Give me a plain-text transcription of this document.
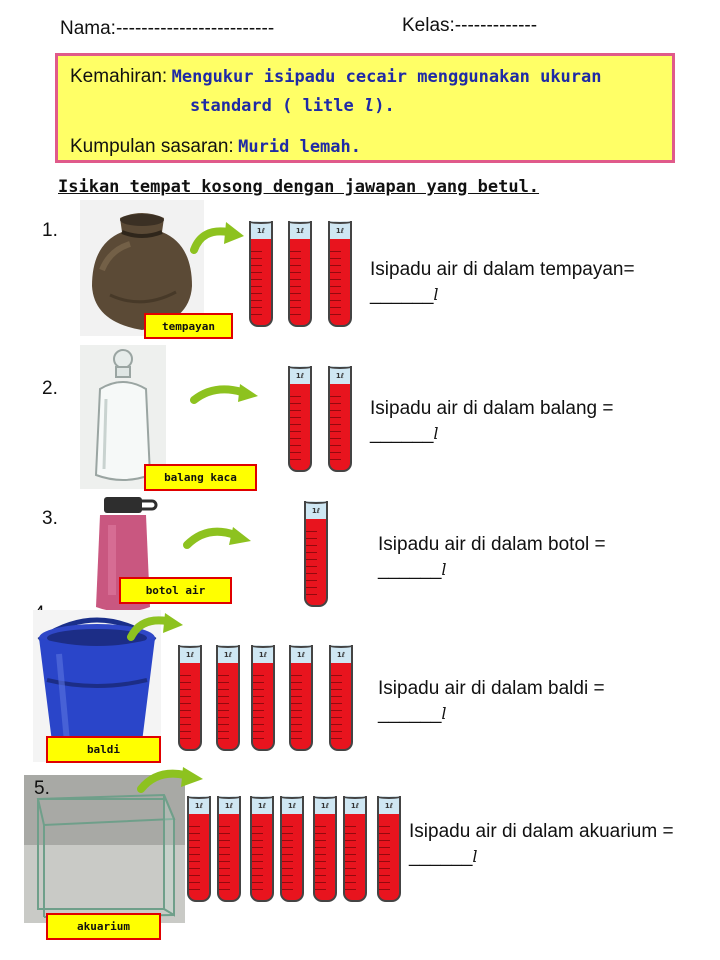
Nama:-------------------------	Kelas:-------------
Kemahiran: Mengukur isipadu cecair menggunakan ukuran
standard ( litle l).
Kumpulan sasaran: Murid lemah.
Isikan tempat kosong dengan jawapan yang betul.
1.
tempayan
1ℓ	1ℓ	1ℓ
Isipadu air di dalam tempayan=
______l
2.
balang kaca
1ℓ	1ℓ
Isipadu air di dalam balang =
______l
3.
botol air
1ℓ
Isipadu air di dalam botol =
______l
baldi
1ℓ	1ℓ	1ℓ	1ℓ	1ℓ
Isipadu air di dalam baldi =
______l
5.
akuarium
1ℓ	1ℓ	1ℓ	1ℓ	1ℓ	1ℓ	1ℓ
Isipadu air di dalam akuarium =
______l
